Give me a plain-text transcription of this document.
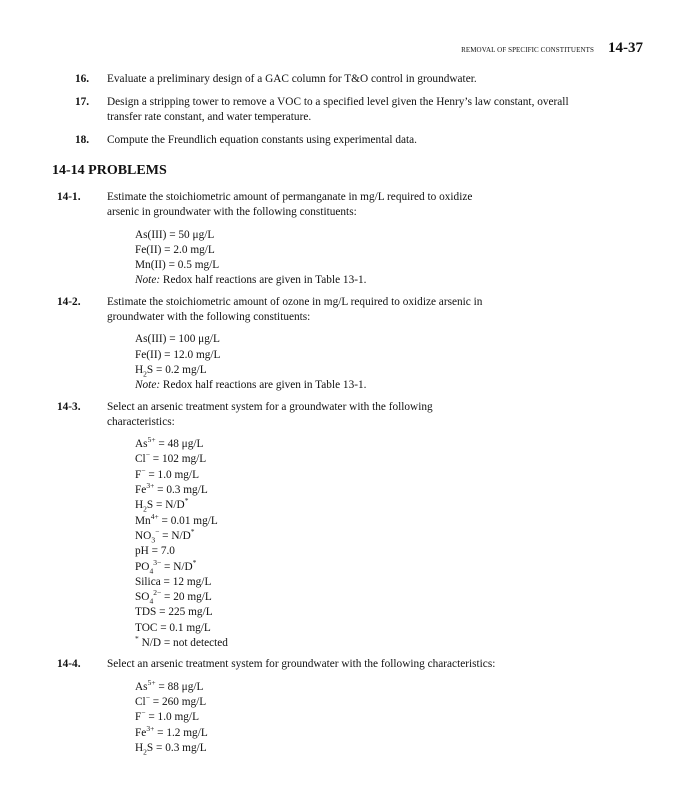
REMOVAL OF SPECIFIC CONSTITUENTS 14-37
16.	Evaluate a preliminary design of a GAC column for T&O control in groundwater.
17.	Design a stripping tower to remove a VOC to a specified level given the Henry’s law constant, overall transfer rate constant, and water temperature.
18.	Compute the Freundlich equation constants using experimental data.
14-14 PROBLEMS
14-1.	Estimate the stoichiometric amount of permanganate in mg/L required to oxidize arsenic in groundwater with the following constituents:
As(III) = 50 μg/L
Fe(II) = 2.0 mg/L
Mn(II) = 0.5 mg/L
Note: Redox half reactions are given in Table 13-1.
14-2.	Estimate the stoichiometric amount of ozone in mg/L required to oxidize arsenic in groundwater with the following constituents:
As(III) = 100 μg/L
Fe(II) = 12.0 mg/L
$H_2S = 0.2$ mg/L
Note: Redox half reactions are given in Table 13-1.
14-3.	Select an arsenic treatment system for a groundwater with the following characteristics:
$As^{5+} = 48$ μg/L
Cl− = 102 mg/L
F− = 1.0 mg/L
$Fe^{3+} = 0.3$ mg/L
$H_2S = N/D^*$
$Mn^{4+} = 0.01$ mg/L
$NO_3^- = N/D^*$
pH = 7.0
$PO_4^{3-} = N/D^*$
Silica = 12 mg/L
$SO_4^{2-} = 20$ mg/L
TDS = 225 mg/L
TOC = 0.1 mg/L
* N/D = not detected
14-4.	Select an arsenic treatment system for groundwater with the following characteristics:
$As^{5+} = 88$ μg/L
Cl− = 260 mg/L
F− = 1.0 mg/L
$Fe^{3+} = 1.2$ mg/L
$H_2S = 0.3$ mg/L
